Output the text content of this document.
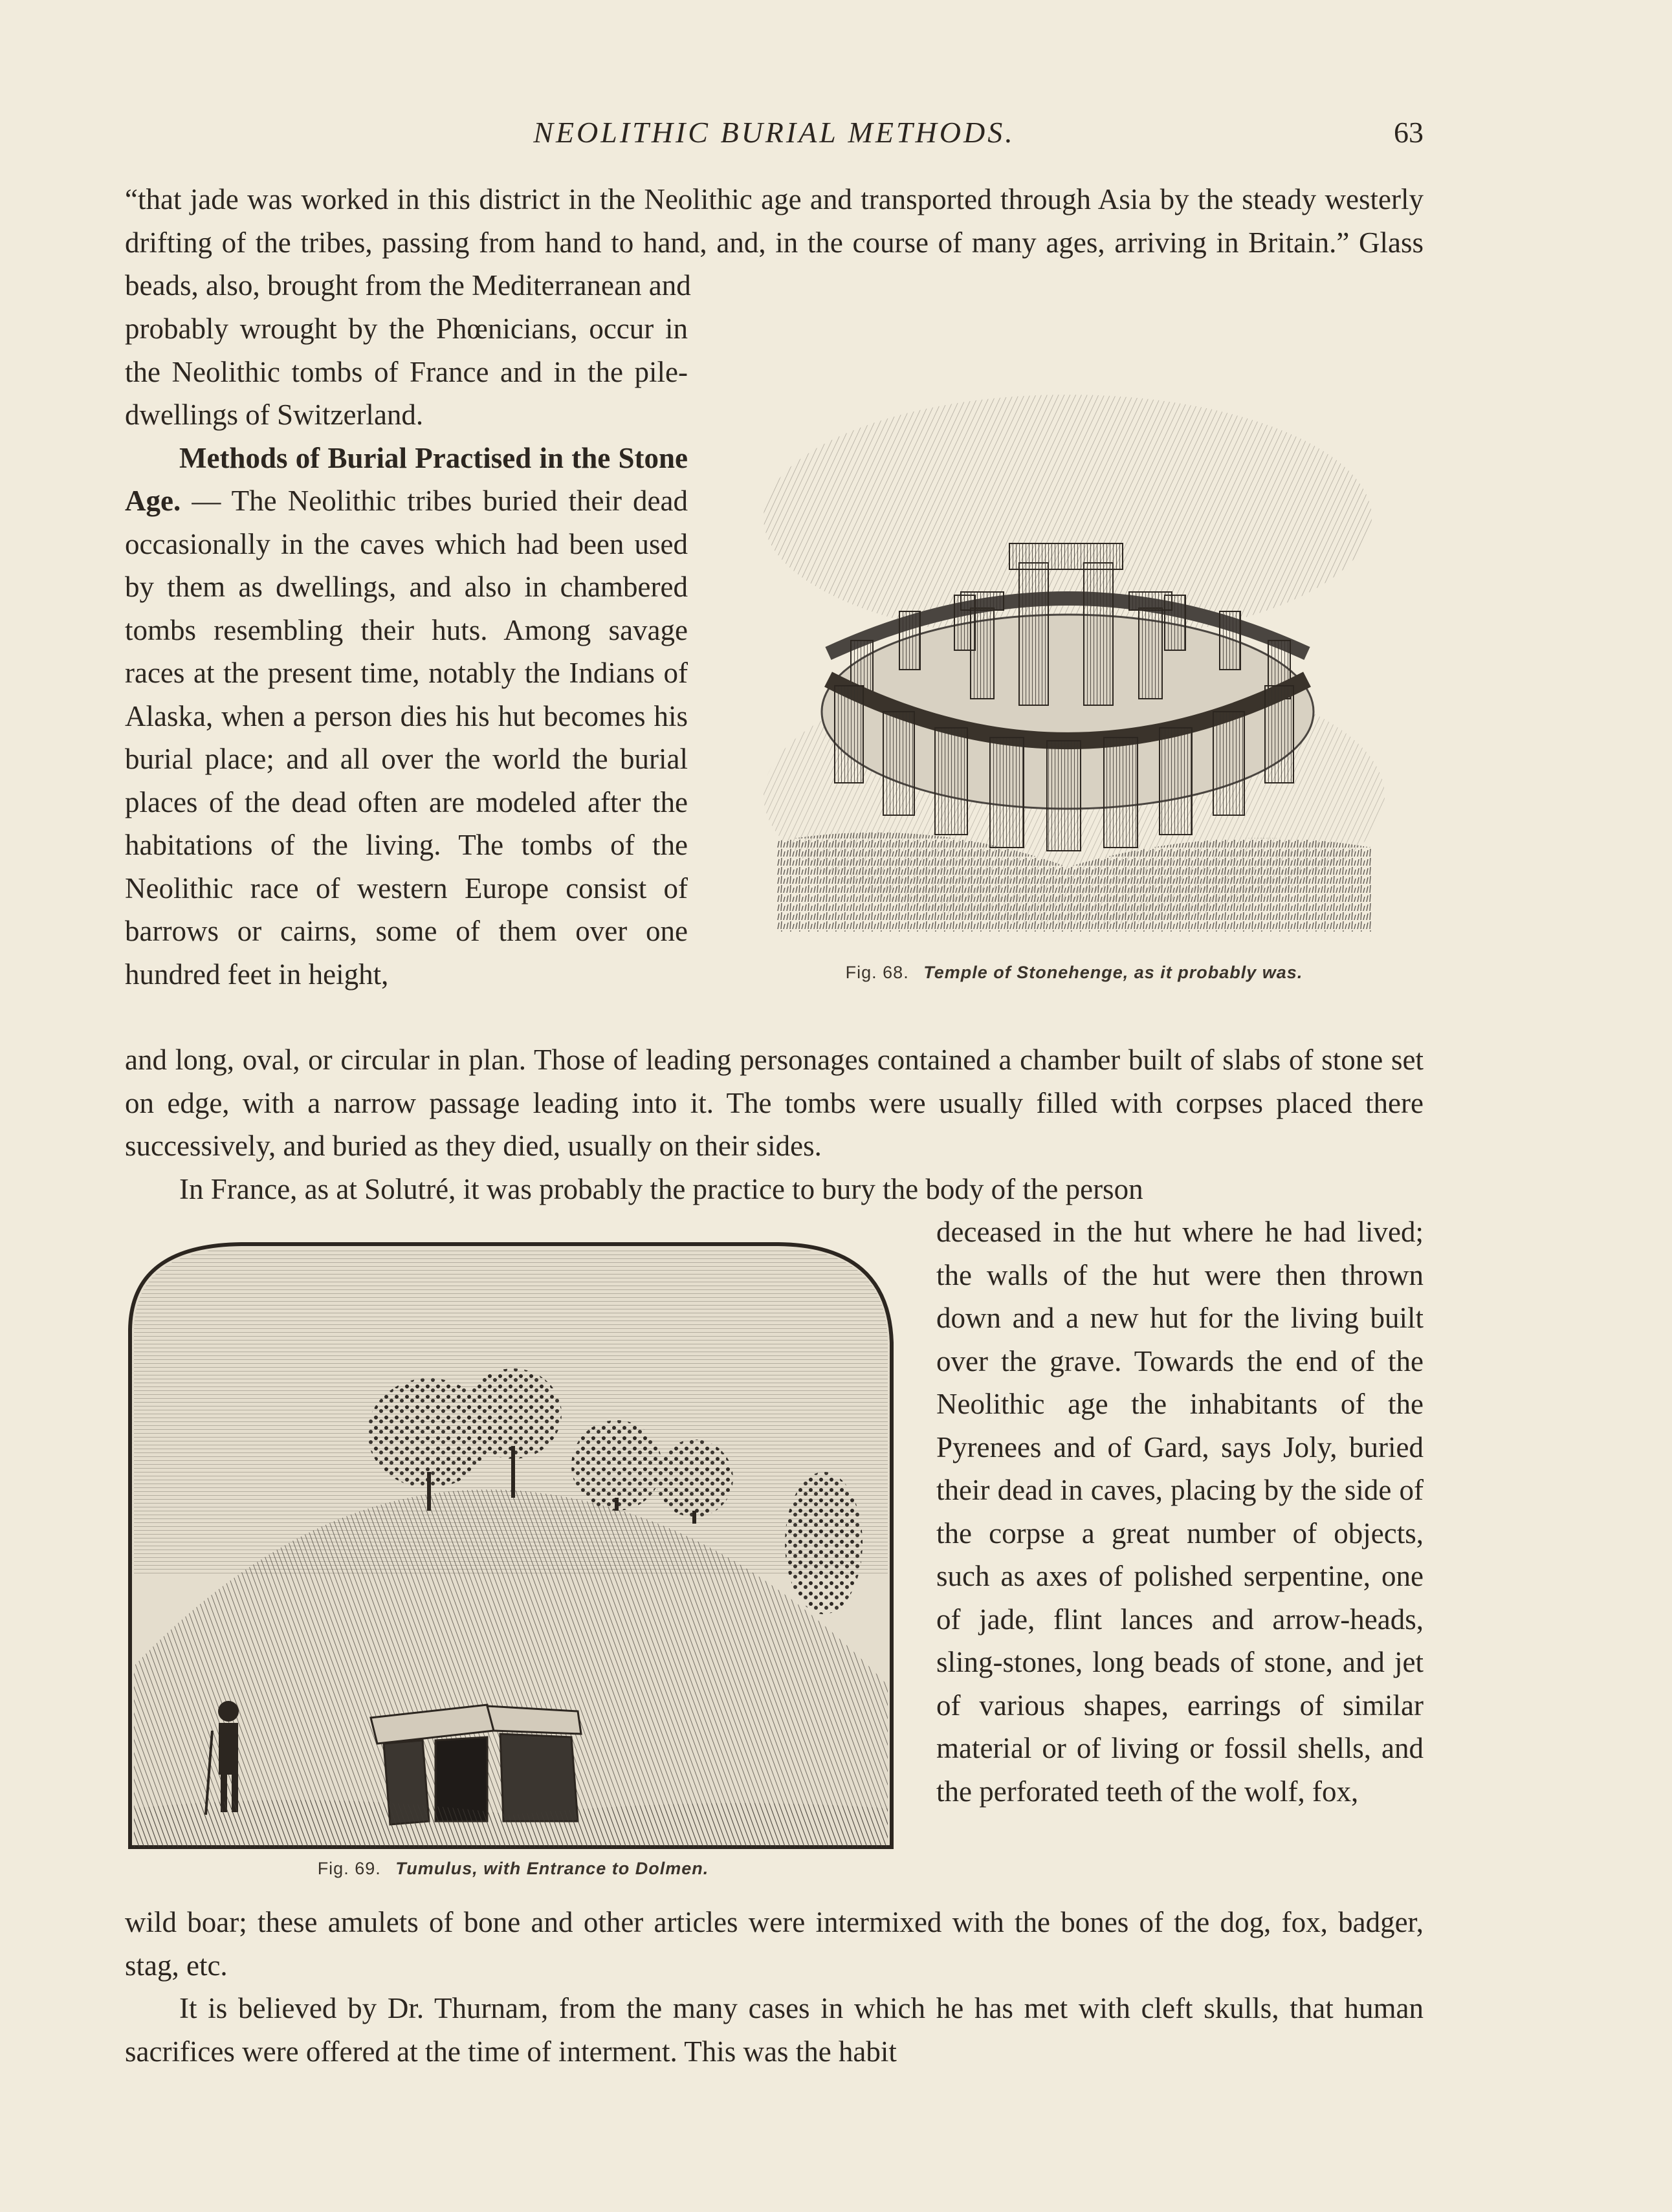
NEOLITHIC BURIAL METHODS.	63

“that jade was worked in this district in the Neolithic age and transported through Asia by the steady westerly drifting of the tribes, passing from hand to hand, and, in the course of many ages, arriving in Britain.” Glass beads, also, brought from the Mediterranean and

probably wrought by the Phœnicians, occur in the Neolithic tombs of France and in the pile-dwellings of Switzerland.

Methods of Burial Practised in the Stone Age. — The Neolithic tribes buried their dead occasionally in the caves which had been used by them as dwellings, and also in chambered tombs resembling their huts. Among savage races at the present time, notably the Indians of Alaska, when a person dies his hut becomes his burial place; and all over the world the burial places of the dead often are modeled after the habitations of the living. The tombs of the Neolithic race of western Europe consist of barrows or cairns, some of them over one hundred feet in height,	Fig. 68. Temple of Stonehenge, as it probably was.

and long, oval, or circular in plan. Those of leading personages contained a chamber built of slabs of stone set on edge, with a narrow passage leading into it. The tombs were usually filled with corpses placed there successively, and buried as they died, usually on their sides.

In France, as at Solutré, it was probably the practice to bury the body of the person

Fig. 69. Tumulus, with Entrance to Dolmen.

deceased in the hut where he had lived; the walls of the hut were then thrown down and a new hut for the living built over the grave. Towards the end of the Neolithic age the inhabitants of the Pyrenees and of Gard, says Joly, buried their dead in caves, placing by the side of the corpse a great number of objects, such as axes of polished serpentine, one of jade, flint lances and arrow-heads, sling-stones, long beads of stone, and jet of various shapes, earrings of similar material or of living or fossil shells, and the perforated teeth of the wolf, fox,

wild boar; these amulets of bone and other articles were intermixed with the bones of the dog, fox, badger, stag, etc.

It is believed by Dr. Thurnam, from the many cases in which he has met with cleft skulls, that human sacrifices were offered at the time of interment. This was the habit
